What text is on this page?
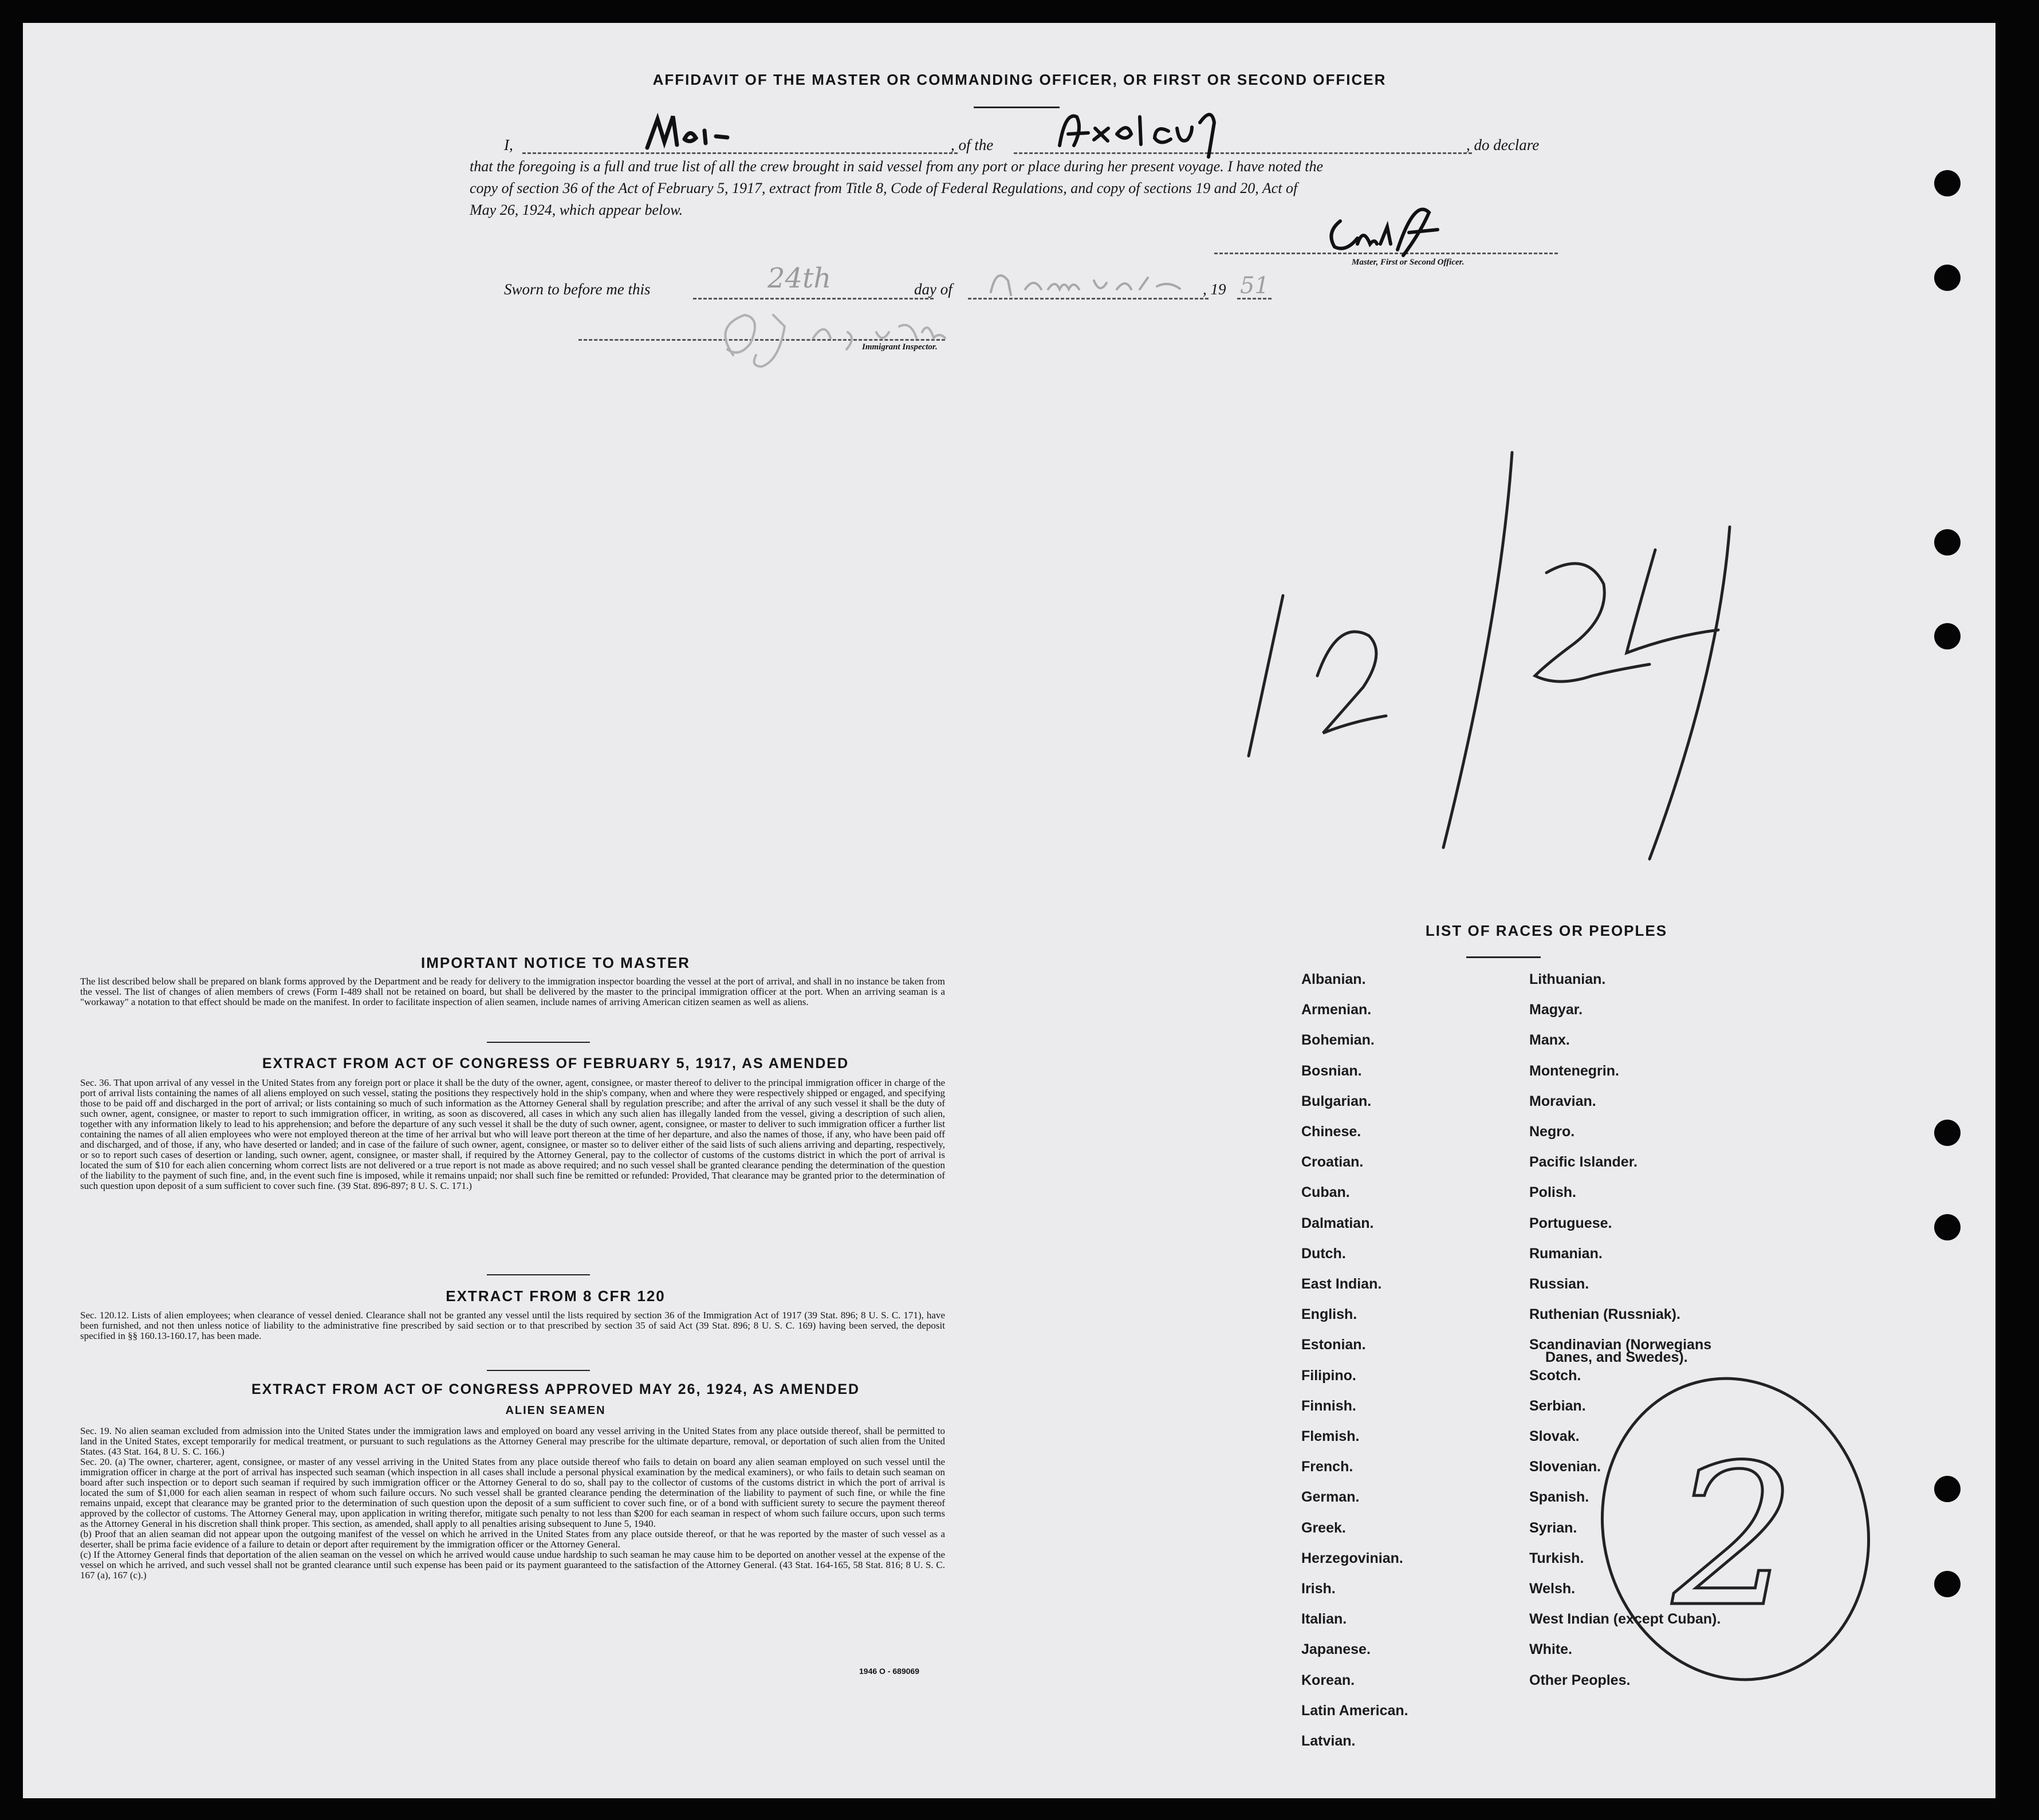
AFFIDAVIT OF THE MASTER OR COMMANDING OFFICER, OR FIRST OR SECOND OFFICER
I,	, of the	, do declare
that the foregoing is a full and true list of all the crew brought in said vessel from any port or place during her present voyage. I have noted the
copy of section 36 of the Act of February 5, 1917, extract from Title 8, Code of Federal Regulations, and copy of sections 19 and 20, Act of
May 26, 1924, which appear below.
Master, First or Second Officer.
Sworn to before me this	day of	, 19
Immigrant Inspector.
24th	51
IMPORTANT NOTICE TO MASTER

The list described below shall be prepared on blank forms approved by the Department and be ready for delivery to the immigration inspector boarding the vessel at the port of arrival, and shall in no instance be taken from the vessel. The list of changes of alien members of crews (Form I-489 shall not be retained on board, but shall be delivered by the master to the principal immigration officer at the port. When an arriving seaman is a "workaway" a notation to that effect should be made on the manifest. In order to facilitate inspection of alien seamen, include names of arriving American citizen seamen as well as aliens.

EXTRACT FROM ACT OF CONGRESS OF FEBRUARY 5, 1917, AS AMENDED

Sec. 36. That upon arrival of any vessel in the United States from any foreign port or place it shall be the duty of the owner, agent, consignee, or master thereof to deliver to the principal immigration officer in charge of the port of arrival lists containing the names of all aliens employed on such vessel, stating the positions they respectively hold in the ship's company, when and where they were respectively shipped or engaged, and specifying those to be paid off and discharged in the port of arrival; or lists containing so much of such information as the Attorney General shall by regulation prescribe; and after the arrival of any such vessel it shall be the duty of such owner, agent, consignee, or master to report to such immigration officer, in writing, as soon as discovered, all cases in which any such alien has illegally landed from the vessel, giving a description of such alien, together with any information likely to lead to his apprehension; and before the departure of any such vessel it shall be the duty of such owner, agent, consignee, or master to deliver to such immigration officer a further list containing the names of all alien employees who were not employed thereon at the time of her arrival but who will leave port thereon at the time of her departure, and also the names of those, if any, who have been paid off and discharged, and of those, if any, who have deserted or landed; and in case of the failure of such owner, agent, consignee, or master so to deliver either of the said lists of such aliens arriving and departing, respectively, or so to report such cases of desertion or landing, such owner, agent, consignee, or master shall, if required by the Attorney General, pay to the collector of customs of the customs district in which the port of arrival is located the sum of $10 for each alien concerning whom correct lists are not delivered or a true report is not made as above required; and no such vessel shall be granted clearance pending the determination of the question of the liability to the payment of such fine, and, in the event such fine is imposed, while it remains unpaid; nor shall such fine be remitted or refunded: Provided, That clearance may be granted prior to the determination of such question upon deposit of a sum sufficient to cover such fine. (39 Stat. 896-897; 8 U. S. C. 171.)

EXTRACT FROM 8 CFR 120

Sec. 120.12. Lists of alien employees; when clearance of vessel denied. Clearance shall not be granted any vessel until the lists required by section 36 of the Immigration Act of 1917 (39 Stat. 896; 8 U. S. C. 171), have been furnished, and not then unless notice of liability to the administrative fine prescribed by said section or to that prescribed by section 35 of said Act (39 Stat. 896; 8 U. S. C. 169) having been served, the deposit specified in §§ 160.13-160.17, has been made.

EXTRACT FROM ACT OF CONGRESS APPROVED MAY 26, 1924, AS AMENDED
ALIEN SEAMEN

Sec. 19. No alien seaman excluded from admission into the United States under the immigration laws and employed on board any vessel arriving in the United States from any place outside thereof, shall be permitted to land in the United States, except temporarily for medical treatment, or pursuant to such regulations as the Attorney General may prescribe for the ultimate departure, removal, or deportation of such alien from the United States. (43 Stat. 164, 8 U. S. C. 166.)

Sec. 20. (a) The owner, charterer, agent, consignee, or master of any vessel arriving in the United States from any place outside thereof who fails to detain on board any alien seaman employed on such vessel until the immigration officer in charge at the port of arrival has inspected such seaman (which inspection in all cases shall include a personal physical examination by the medical examiners), or who fails to detain such seaman on board after such inspection or to deport such seaman if required by such immigration officer or the Attorney General to do so, shall pay to the collector of customs of the customs district in which the port of arrival is located the sum of $1,000 for each alien seaman in respect of whom such failure occurs. No such vessel shall be granted clearance pending the determination of the liability to payment of such fine, or while the fine remains unpaid, except that clearance may be granted prior to the determination of such question upon the deposit of a sum sufficient to cover such fine, or of a bond with sufficient surety to secure the payment thereof approved by the collector of customs. The Attorney General may, upon application in writing therefor, mitigate such penalty to not less than $200 for each seaman in respect of whom such failure occurs, upon such terms as the Attorney General in his discretion shall think proper. This section, as amended, shall apply to all penalties arising subsequent to June 5, 1940.

(b) Proof that an alien seaman did not appear upon the outgoing manifest of the vessel on which he arrived in the United States from any place outside thereof, or that he was reported by the master of such vessel as a deserter, shall be prima facie evidence of a failure to detain or deport after requirement by the immigration officer or the Attorney General.

(c) If the Attorney General finds that deportation of the alien seaman on the vessel on which he arrived would cause undue hardship to such seaman he may cause him to be deported on another vessel at the expense of the vessel on which he arrived, and such vessel shall not be granted clearance until such expense has been paid or its payment guaranteed to the satisfaction of the Attorney General. (43 Stat. 164-165, 58 Stat. 816; 8 U. S. C. 167 (a), 167 (c).)

1946 O - 689069
LIST OF RACES OR PEOPLES
Albanian.
Armenian.
Bohemian.
Bosnian.
Bulgarian.
Chinese.
Croatian.
Cuban.
Dalmatian.
Dutch.
East Indian.
English.
Estonian.
Filipino.
Finnish.
Flemish.
French.
German.
Greek.
Herzegovinian.
Irish.
Italian.
Japanese.
Korean.
Latin American.
Latvian.
Lithuanian.
Magyar.
Manx.
Montenegrin.
Moravian.
Negro.
Pacific Islander.
Polish.
Portuguese.
Rumanian.
Russian.
Ruthenian (Russniak).
Scandinavian (Norwegians
Danes, and Swedes).
Scotch.
Serbian.
Slovak.
Slovenian.
Spanish.
Syrian.
Turkish.
Welsh.
West Indian (except Cuban).
White.
Other Peoples.
2
